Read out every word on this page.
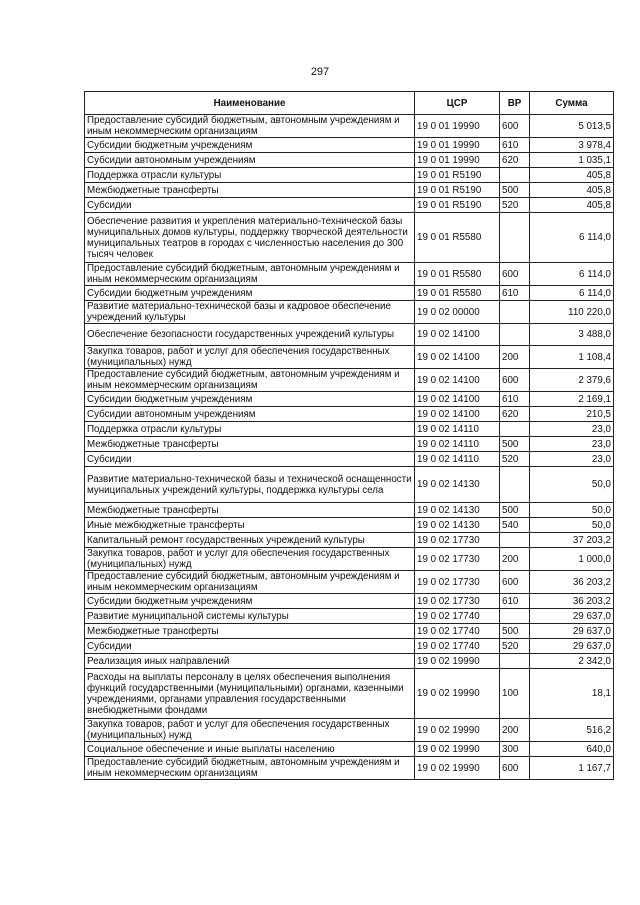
297
Наименование	ЦСР	ВР	Сумма
Предоставление субсидий бюджетным, автономным учреждениям и иным некоммерческим организациям	19 0 01 19990	600	5 013,5
Субсидии бюджетным учреждениям	19 0 01 19990	610	3 978,4
Субсидии автономным учреждениям	19 0 01 19990	620	1 035,1
Поддержка отрасли культуры	19 0 01 R5190		405,8
Межбюджетные трансферты	19 0 01 R5190	500	405,8
Субсидии	19 0 01 R5190	520	405,8
Обеспечение развития и укрепления материально-технической базы муниципальных домов культуры, поддержку творческой деятельности муниципальных театров в городах с численностью населения до 300 тысяч человек	19 0 01 R5580		6 114,0
Предоставление субсидий бюджетным, автономным учреждениям и иным некоммерческим организациям	19 0 01 R5580	600	6 114,0
Субсидии бюджетным учреждениям	19 0 01 R5580	610	6 114,0
Развитие материально-технической базы и кадровое обеспечение учреждений культуры	19 0 02 00000		110 220,0
Обеспечение безопасности государственных учреждений культуры	19 0 02 14100		3 488,0
Закупка товаров, работ и услуг для обеспечения государственных (муниципальных) нужд	19 0 02 14100	200	1 108,4
Предоставление субсидий бюджетным, автономным учреждениям и иным некоммерческим организациям	19 0 02 14100	600	2 379,6
Субсидии бюджетным учреждениям	19 0 02 14100	610	2 169,1
Субсидии автономным учреждениям	19 0 02 14100	620	210,5
Поддержка отрасли культуры	19 0 02 14110		23,0
Межбюджетные трансферты	19 0 02 14110	500	23,0
Субсидии	19 0 02 14110	520	23,0
Развитие материально-технической базы и технической оснащенности муниципальных учреждений культуры, поддержка культуры села	19 0 02 14130		50,0
Межбюджетные трансферты	19 0 02 14130	500	50,0
Иные межбюджетные трансферты	19 0 02 14130	540	50,0
Капитальный ремонт государственных учреждений культуры	19 0 02 17730		37 203,2
Закупка товаров, работ и услуг для обеспечения государственных (муниципальных) нужд	19 0 02 17730	200	1 000,0
Предоставление субсидий бюджетным, автономным учреждениям и иным некоммерческим организациям	19 0 02 17730	600	36 203,2
Субсидии бюджетным учреждениям	19 0 02 17730	610	36 203,2
Развитие муниципальной системы культуры	19 0 02 17740		29 637,0
Межбюджетные трансферты	19 0 02 17740	500	29 637,0
Субсидии	19 0 02 17740	520	29 637,0
Реализация иных направлений	19 0 02 19990		2 342,0
Расходы на выплаты персоналу в целях обеспечения выполнения функций государственными (муниципальными) органами, казенными учреждениями, органами управления государственными внебюджетными фондами	19 0 02 19990	100	18,1
Закупка товаров, работ и услуг для обеспечения государственных (муниципальных) нужд	19 0 02 19990	200	516,2
Социальное обеспечение и иные выплаты населению	19 0 02 19990	300	640,0
Предоставление субсидий бюджетным, автономным учреждениям и иным некоммерческим организациям	19 0 02 19990	600	1 167,7
